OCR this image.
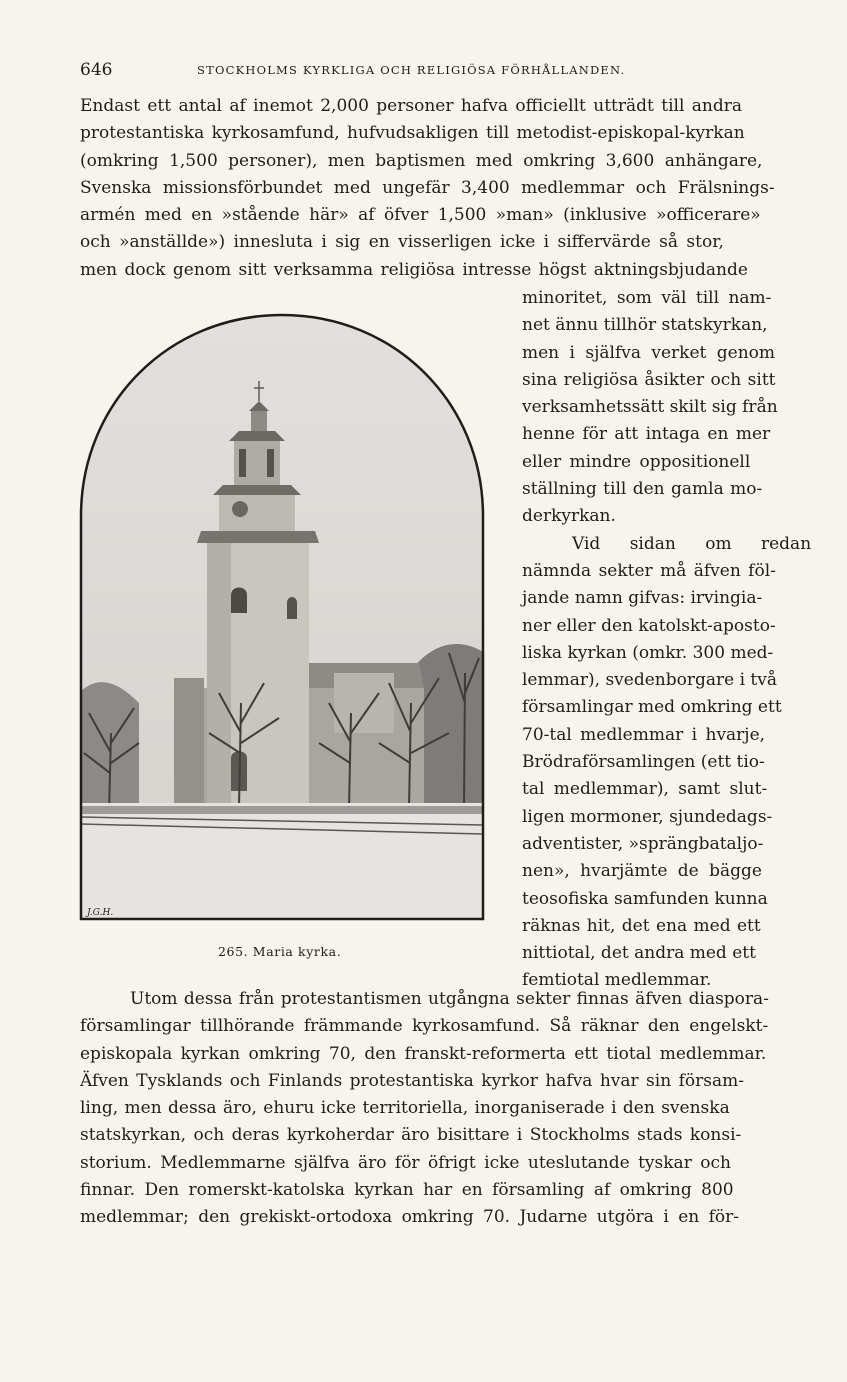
646	STOCKHOLMS KYRKLIGA OCH RELIGIÖSA FÖRHÅLLANDEN.
Endast ett antal af inemot 2,000 personer hafva officiellt utträdt till andra
protestantiska kyrkosamfund, hufvudsakligen till metodist-episkopal-kyrkan
(omkring 1,500 personer), men baptismen med omkring 3,600 anhängare,
Svenska missionsförbundet med ungefär 3,400 medlemmar och Frälsnings-
armén med en »stående här» af öfver 1,500 »man» (inklusive »officerare»
och »anställde») innesluta i sig en visserligen icke i siffervärde så stor,
men dock genom sitt verksamma religiösa intresse högst aktningsbjudande
J.G.H.
265. Maria kyrka.
minoritet, som väl till nam-
net ännu tillhör statskyrkan,
men i själfva verket genom
sina religiösa åsikter och sitt
verksamhetssätt skilt sig från
henne för att intaga en mer
eller mindre oppositionell
ställning till den gamla mo-
derkyrkan.
Vid sidan om redan
nämnda sekter må äfven föl-
jande namn gifvas: irvingia-
ner eller den katolskt-aposto-
liska kyrkan (omkr. 300 med-
lemmar), svedenborgare i två
församlingar med omkring ett
70-tal medlemmar i hvarje,
Brödraförsamlingen (ett tio-
tal medlemmar), samt slut-
ligen mormoner, sjundedags-
adventister, »sprängbataljo-
nen», hvarjämte de bägge
teosofiska samfunden kunna
räknas hit, det ena med ett
nittiotal, det andra med ett
femtiotal medlemmar.
Utom dessa från protestantismen utgångna sekter finnas äfven diaspora-
församlingar tillhörande främmande kyrkosamfund. Så räknar den engelskt-
episkopala kyrkan omkring 70, den franskt-reformerta ett tiotal medlemmar.
Äfven Tysklands och Finlands protestantiska kyrkor hafva hvar sin försam-
ling, men dessa äro, ehuru icke territoriella, inorganiserade i den svenska
statskyrkan, och deras kyrkoherdar äro bisittare i Stockholms stads konsi-
storium. Medlemmarne själfva äro för öfrigt icke uteslutande tyskar och
finnar. Den romerskt-katolska kyrkan har en församling af omkring 800
medlemmar; den grekiskt-ortodoxa omkring 70. Judarne utgöra i en för-
